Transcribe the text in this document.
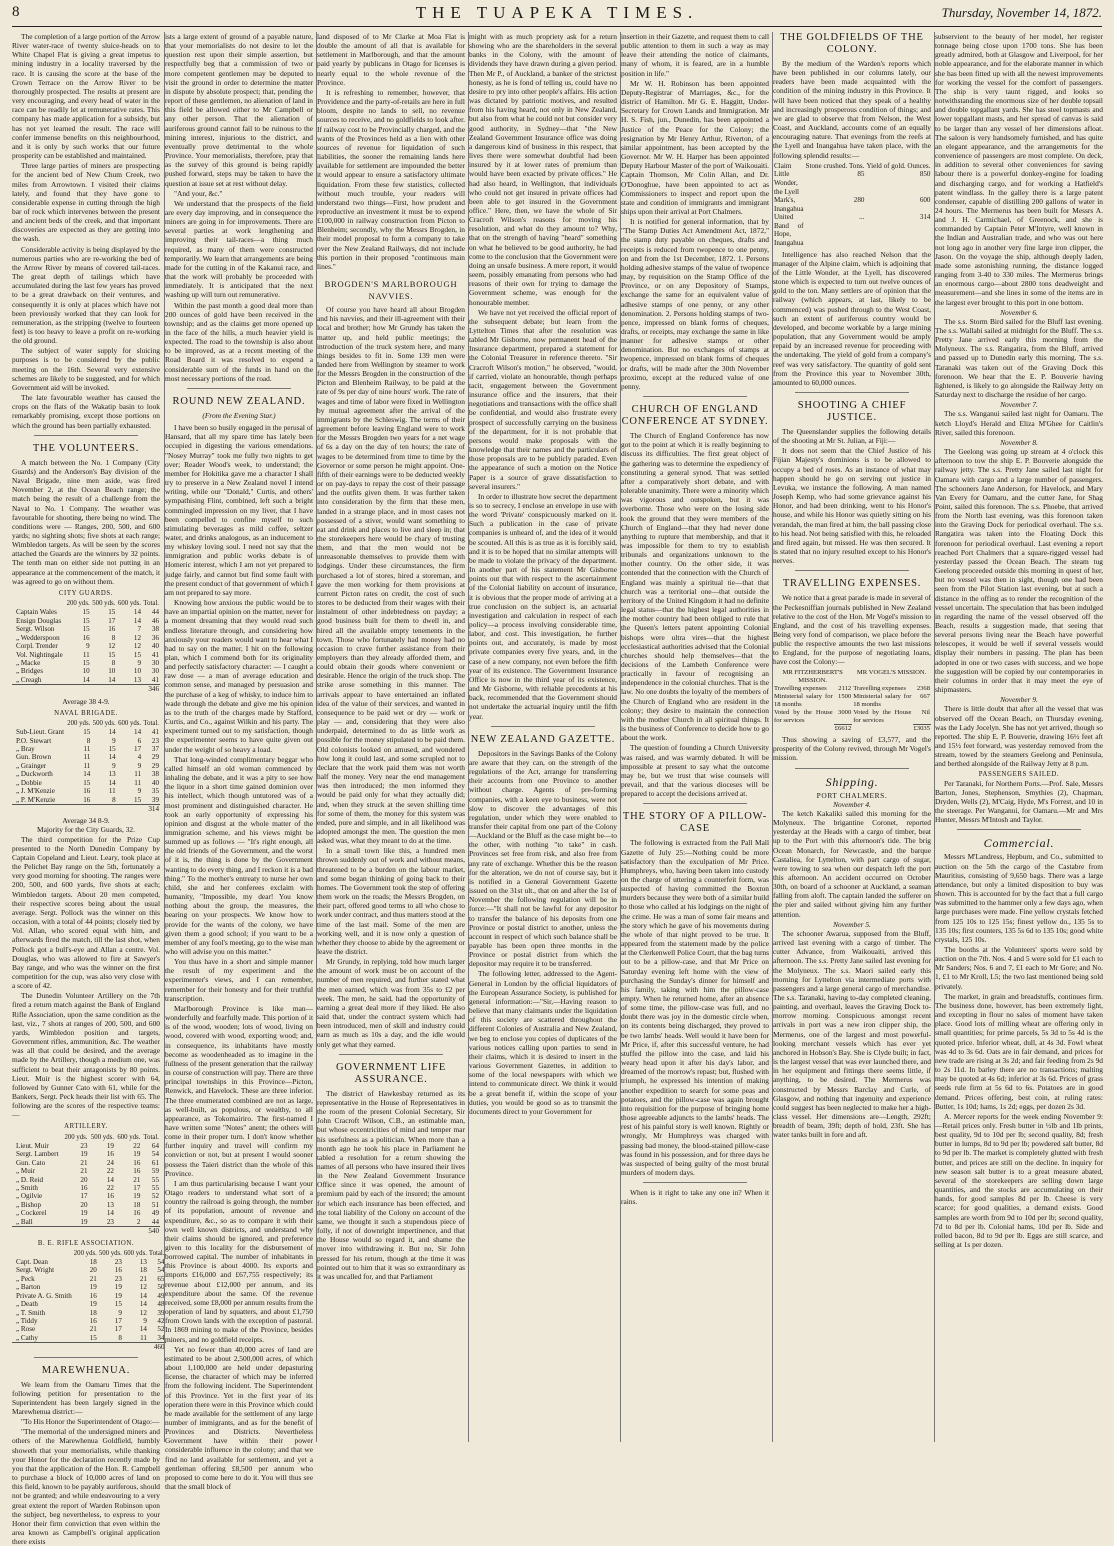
8	THE TUAPEKA TIMES.	Thursday, November 14, 1872.

The completion of a large portion of the Arrow River water-race of twenty sluice-heads on to White Chapel Flat is giving a great impetus to mining industry in a locality traversed by the race. It is causing the score at the base of the Crown Terrace on the Arrow River to be thoroughly prospected. The results at present are very encouraging, and every head of water in the race can be readily let at remunerative rates. This company has made application for a subsidy, but has not yet learned the result. The race will confer immense benefits on this neighbourhood, and it is only by such works that our future prosperity can be established and maintained.

Three large parties of miners are prospecting for the ancient bed of New Chum Creek, two miles from Arrowtown. I visited their claims lately, and found that they have gone to considerable expense in cutting through the high bar of rock which intervenes between the present and ancient beds of the creek, and that important discoveries are expected as they are getting into the wash.

Considerable activity is being displayed by the numerous parties who are re-working the bed of the Arrow River by means of covered tail-races. The great depth of tailings which have accumulated during the last few years has proved to be a great drawback on their ventures, and consequently it is only at places which have not been previously worked that they can look for remuneration, as the stripping (twelve to fourteen feet) is too heavy to leave a profit on re-working the old ground.

The subject of water supply for sluicing purposes is to be considered by the public meeting on the 16th. Several very extensive schemes are likely to be suggested, and for which Government aid will be invoked.

The late favourable weather has caused the crops on the flats of the Wakatip basin to look remarkably promising, except those portions on which the ground has been partially exhausted.

THE VOLUNTEERS.

A match between the No. 1 Company (City Guards) and the Anderson's Bay division of the Naval Brigade, nine men aside, was fired November 2, at the Ocean Beach range; the match being the result of a challenge from the Naval to No. 1 Company. The weather was favourable for shooting, there being no wind. The conditions were — Ranges, 200, 500, and 600 yards; no sighting shots; five shots at each range; Wimbledon targets. As will be seen by the scores attached the Guards are the winners by 32 points. The tenth man on either side not putting in an appearance at the commencement of the match, it was agreed to go on without them.

CITY GUARDS.
	200 yds.	500 yds.	600 yds.	Total.
Captain Wales	15	15	14	44
Ensign Douglas	15	17	14	46
Sergt. Wilson	15	16	7	38
„ Wedderspoon	16	8	12	36
Corpl. Trender	9	12	12	40
Vol. Nightingale	11	15	15	41
„ Macke	15	8	9	30
„ Bridges	10	10	10	30
„ Creagh	14	14	13	41
				346
Average 38 4-9.
NAVAL BRIGADE.
	200 yds.	500 yds.	600 yds.	Total.
Sub-Lieut. Grant	15	14	14	41
P.O. Stewart	8	9	6	23
„ Bray	11	15	17	37
Gun. Brown	11	14	4	29
„ Grainger	11	9	9	29
„ Duckworth	14	13	11	38
„ Dobbie	15	14	11	40
„ J. M'Kenzie	16	11	9	35
„ P. M'Kenzie	16	8	15	39
				314
Average 34 8-9.
Majority for the City Guards, 32.

The third competition for the Prize Cup presented to the North Dunedin Company by Captain Copeland and Lieut. Leary, took place at the Pelichet Bay range on the 5th, fortunately a very good morning for shooting. The ranges were 200, 500, and 600 yards, five shots at each; Wimbledon targets. About 20 men competed, their respective scores being about the usual average. Sergt. Pollock was the winner on this occasion, with a total of 44 points; closely tied by Vol. Allan, who scored equal with him, and afterwards fired the match, till the last shot, when Pollock got a bull's-eye and Allan a centre. Vol. Douglas, who was allowed to fire at Sawyer's Bay range, and who was the winner on the first competition for the cup, was also very close with a score of 42.

The Dunedin Volunteer Artillery on the 7th fired a return match against the Bank of England Rifle Association, upon the same condition as the last, viz., 7 shots at ranges of 200, 500, and 600 yards, Wimbledon position and targets, Government rifles, ammunition, &c. The weather was all that could be desired, and the average made by the Artillery, though a medium one, was sufficient to beat their antagonists by 80 points. Lieut. Muir is the highest scorer with 64, followed by Gunner Cato with 61, while for the Bankers, Sergt. Peck heads their list with 65. The following are the scores of the respective teams:—

ARTILLERY.
	200 yds.	500 yds.	600 yds.	Total.
Lieut. Muir	23	19	22	64
Sergt. Lambert	19	16	19	54
Gun. Cato	21	24	16	61
„ Muir	21	22	16	59
„ D. Reid	20	14	21	55
„ Smith	16	22	17	55
„ Ogilvie	17	16	19	52
„ Bishop	20	13	18	51
„ Cockerel	19	14	16	49
„ Ball	19	23	2	44
				540
B. E. RIFLE ASSOCIATION.
	200 yds.	500 yds.	600 yds.	Total.
Capt. Dean	18	23	13	54
Sergt. Wright	20	16	18	54
„ Peck	21	23	21	65
„ Barton	19	19	12	50
Private A. G. Smith	16	19	14	49
„ Death	19	15	14	48
„ T. Smith	18	9	12	39
„ Tiddy	16	17	9	42
„ Rose	21	17	14	52
„ Cathy	15	8	11	34
				460
MAREWHENUA.

We learn from the Oamaru Times that the following petition for presentation to the Superintendent has been largely signed in the Marewhenua district:—

"To His Honor the Superintendent of Otago:—

"The memorial of the undersigned miners and others of the Marewhenua Goldfield, humbly showeth that your memorialists, while thanking your Honor for the declaration recently made by you that the application of the Hon. R. Campbell to purchase a block of 10,000 acres of land on this field, known to be payably auriferous, should not be granted; and while endeavouring to a very great extent the report of Warden Robinson upon the subject, beg nevertheless, to express to your Honor their firm conviction that even within the area known as Campbell's original application there exists

ists a large extent of ground of a payable nature, that your memorialists do not desire to let the question rest upon their simple assertion, but respectfully beg that a commission of two or more competent gentlemen may be deputed to visit the ground in order to determine the matter in dispute by absolute prospect; that, pending the report of these gentlemen, no alienation of land in this field be allowed either to Mr Campbell or any other person. That the alienation of auriferous ground cannot fail to be ruinous to the mining interest, injurious to the district, and eventually prove detrimental to the whole Province. Your memorialists, therefore, pray that as the survey of this ground is being rapidly pushed forward, steps may be taken to have the question at issue set at rest without delay.

"And your, &c."

We understand that the prospects of the field are every day improving, and in consequence the miners are going in for improvements. There are several parties at work lengthening and improving their tail-races—a thing much required, as many of them were constructed temporarily. We learn that arrangements are being made for the cutting in of the Kakanui race, and that the work will probably be proceeded with immediately. It is anticipated that the next washing up will turn out remunerative.

Within the past month a good deal more than 200 ounces of gold have been received in the township; and as the claims get more opened up in the face of the hills, a much heavier yield is expected. The road to the township is also about to be improved, as at a recent meeting of the Road Board it was resolved to expend a considerable sum of the funds in hand on the most necessary portions of the road.

ROUND NEW ZEALAND.
(From the Evening Star.)

I have been so busily engaged in the perusal of Hansard, that all my spare time has lately been occupied in digesting the various emendations. "Nosey Murray" took me fully two nights to get over; Reader Wood's week, to understand; the member for Hokitika gave me a character I shall try to preserve in a New Zealand novel I intend writing, while our "Donald," Curtis, and others' sympathising Flint, combined, left such a bright commingled impression on my liver, that I have been compelled to confine myself to such stimulating beverages as mild coffee, seltzer water, and drinks analogous, as an inducement to my whiskey loving soul. I need not say that the immigration and public works debate is of Homeric interest, which I am not yet prepared to judge fairly, and cannot but find some fault with the present conduct of that government of which I am not prepared to say more.

Knowing how anxious the public would be to have an impartial opinion on the matter, never for a moment dreaming that they would read such endless literature through, and considering how anxiously your readers would want to hear what I had to say on the matter, I hit on the following plan, which I commend both for its originality and perfectly satisfactory character: — I caught a raw dose — a man of average education and common sense, and managed by persuasion and the purchase of a keg of whisky, to induce him to wade through the debate and give me his opinion as to the truth of the charges made by Stafford, Curtis, and Co., against Wilkin and his party. The experiment turned out to my satisfaction, though the experimenter seems to have quite given out under the weight of so heavy a load.

That long-winded complimentary beggar who called himself an old woman commenced by inhaling the debate, and it was a pity to see how the liquor in a short time gained dominion over his intellect, which though untutored was of a most prominent and distinguished character. He took an early opportunity of expressing his opinion and disgust at the whole matter of the immigration scheme, and his views might be summed up as follows — "It's right enough, all the old friends of the Government, and the worst of it is, the thing is done by the Government wanting to do every thing, and I reckon it is a bad thing." To the mother's entreaty to nurse her own child, she and her conferees exclaim with humanity, "Impossible, my dear! You know nothing about the group, the measures, the bearing on your prospects. We know how to provide for the wants of the colony, we have given them a good school; if you want to be a member of any fool's meeting, go to the wise man who will advise you on this matter."

You thus have in a short and simple manner the result of my experiment and the experimenter's views, and I can remember, remember for their honesty and for their truthful transcription.

Marlborough Province is like man—wonderfully and fearfully made. This portion of it is of the wood, wooden; lots of wood, living on wood, covered with wood, exporting wood; and, in consequence, its inhabitants have mostly become as woodenheaded as to imagine in the fullness of the present generation that the railway in course of construction will pay. There are three principal townships in this Province—Picton, Renwick, and Havelock. These are three inferior. The three enumerated combined are not as large, as well-built, as populous, or wealthy, to all appearance, as Tokomairiro. The first-named I have written some "Notes" anent; the others will come in their proper turn. I don't know whether further inquiry and travel will confirm my conviction or not, but at present I would sooner possess the Taieri district than the whole of this Province.

I am thus particularising because I want your Otago readers to understand what sort of a country the railroad is going through, the number of its population, amount of revenue and expenditure, &c., so as to compare it with their own well known districts, and understand why their claims should be ignored, and preference given to this locality for the disbursement of borrowed capital. The number of inhabitants in this Province is about 4000. Its exports and imports £16,000 and £67,755 respectively; its revenue about £12,000 per annum, and its expenditure about the same. Of the revenue received, some £8,000 per annum results from the operation of land by squatters, and about £1,750 from Crown lands with the exception of pastoral. In 1869 mining to make of the Province, besides miners, and no goldfield receipts.

Yet no fewer than 40,000 acres of land are estimated to be about 2,500,000 acres, of which about 1,100,000 are held under depasturing license, the character of which may be inferred from the following incident. The Superintendent of this Province. Yet in the first year of its operation there were in this Province which could be made available for the settlement of any large number of immigrants, and as for the benefit of Provinces and Districts. Nevertheless Government have within their power considerable influence in the colony; and that we find no land available for settlement, and yet a gentleman offering £8,500 per annum who proposed to come here to do it. You will thus see that the small block of

land disposed of to Mr Clarke at Moa Flat is double the amount of all that is available for settlement in Marlborough, and that the amount paid yearly by publicans in Otago for licenses is nearly equal to the whole revenue of the Province.

It is refreshing to remember, however, that Providence and the party-of-retails are here in full bloom, despite no lands to sell, no revenue sources to receive, and no goldfields to look after. If railway cost to be Provincially charged, and the wants of the Provinces held as a lien with other sources of revenue for liquidation of such liabilities, the sooner the remaining lands here available for settlement are impounded the better it would appear to ensure a satisfactory ultimate liquidation. From these few statistics, collected without much trouble, your readers will understand two things—First, how prudent and reproductive an investment it must be to expend £100,000 in railway construction from Picton to Blenheim; secondly, why the Messrs Brogden, in their model proposal to form a company to take over the New Zealand Railways, did not include this portion in their proposed "continuous main lines."

BROGDEN'S MARLBOROUGH NAVVIES.

Of course you have heard all about Brogden and his navvies, and their ill-agreement with their local and brother; how Mr Grundy has taken the matter up, and held public meetings; the introduction of the truck system here, and many things besides to fit in. Some 139 men were landed here from Wellington by steamer to work for the Messrs Brogden in the construction of the Picton and Blenheim Railway, to be paid at the rate of 9s per day of nine hours' work. The rate of wages and time of labor were fixed in Wellington by mutual agreement after the arrival of the immigrants by the Schleswig. The terms of their agreement before leaving England were to work for the Messrs Brogden two years for a net wage of 6s a day on the day of ten hours; the rate of wages to be determined from time to time by the Governor or some person he might appoint. One-fifth of their earnings were to be deducted weekly or on pay-days to repay the cost of their passage and the outfits given them. It was further taken into consideration by the firm that these men, landed in a strange place, and in most cases not possessed of a stiver, would want something to eat and drink and places to live and sleep in; that the storekeepers here would be chary of trusting them, and that the men would not be unreasonable themselves to provide them with lodgings. Under these circumstances, the firm purchased a lot of stores, hired a storeman, and gave the men working for them provisions at current Picton rates on credit, the cost of such stores to be deducted from their wages with their instalment of other indebtedness on payday; a good business built for them to dwell in, and hired all the available empty tenements in the town. Those who fortunately had money had no occasion to crave further assistance from their employers than they already afforded them, and could obtain their goods where convenient or desirable. Hence the origin of the truck shop. The strike arose something in this manner. The arrivals appear to have entertained an inflated idea of the value of their services, and wanted in consequence to be paid wet or dry — work or play — and, considering that they were also underpaid, determined to do as little work as possible for the money stipulated to be paid them. Old colonists looked on amused, and wondered how long it could last, and some scrupled not to declare that the work paid them was not worth half the money. Very near the end management was then introduced; the men informed they would be paid only for what they actually did; and, when they struck at the seven shilling time for some of them, the money for this system was ended, pure and simple, and in all likelihood was adopted amongst the men. The question the men asked was, what they meant to do at the time.

In a small town like this, a hundred men thrown suddenly out of work and without means, threatened to be a burden on the labour market, and some began thinking of going back to their homes. The Government took the step of offering them work on the roads; the Messrs Brogden, on their part, offered good terms to all who chose to work under contract, and thus matters stood at the time of the last mail. Some of the men are working well, and it is now only a question of whether they choose to abide by the agreement or leave the district.

Mr Grundy, in replying, told how much larger the amount of work must be on account of the number of men required, and further stated what the men earned, which was from 35s to £2 per week. The men, he said, had the opportunity of earning a great deal more if they liked. He also said that, under the contract system which had been introduced, men of skill and industry could earn as much as 10s a day, and the idle would only get what they earned.

GOVERNMENT LIFE ASSURANCE.

The district of Hawkesbay returned as its representative in the House of Representatives in the room of the present Colonial Secretary, Sir John Cracroft Wilson, C.B., an estimable man, but whose eccentricities of mind and temper mar his usefulness as a politician. When more than a month ago he took his place in Parliament he tabled a resolution for a return showing the names of all persons who have insured their lives in the New Zealand Government Insurance Office since it was opened, the amount of premium paid by each of the insured; the amount for which each insurance has been effected, and the total liability of the Colony on account of the same, we thought it such a stupendous piece of folly, if not of downright impertinence, and that the House would so regard it, and shame the mover into withdrawing it. But no, Sir John pressed for his return, though at the time it was pointed out to him that it was so extraordinary as it was uncalled for, and that Parliament

might with as much propriety ask for a return showing who are the shareholders in the several banks in the Colony, with the amount of dividends they have drawn during a given period. Then Mr P., of Auckland, a banker of the strictest honesty, as he is fond of telling us, could have no desire to pry into other people's affairs. His action was dictated by patriotic motives, and resulted from his having heard, not only in New Zealand, but also from what he could not but consider very good authority, in Sydney—that "the New Zealand Government Insurance office was doing a dangerous kind of business in this respect, that lives there were somewhat doubtful had been insured by it at lower rates of premium than would have been exacted by private offices." He had also heard, in Wellington, that individuals who could not get insured in private offices had been able to get insured in the Government office." Here, then, we have the whole of Sir Cracroft Wilson's reasons for moving his resolution, and what do they amount to? Why, that on the strength of having "heard" something on what he believed to be good authority, he had come to the conclusion that the Government were doing an unsafe business. A mere report, it would seem, possibly emanating from persons who had reasons of their own for trying to damage the Government scheme, was enough for the honourable member.

We have not yet received the official report of the subsequent debate; but learn from the Lyttelton Times that after the resolution was tabled Mr Gisborne, now permanent head of the Insurance department, prepared a statement for the Colonial Treasurer in reference thereto. "Sir Cracroft Wilson's motion," he observed, "would, if carried, violate an honourable, though perhaps tacit, engagement between the Government insurance office and the insurers, that their negotiations and transactions with the office shall be confidential, and would also frustrate every prospect of successfully carrying on the business of the department, for it is not probable that persons would make proposals with the knowledge that their names and the particulars of those proposals are to be publicly paraded. Even the appearance of such a motion on the Notice Paper is a source of grave dissatisfaction to several insurers."

In order to illustrate how secret the department is so to secrecy, I enclose an envelope in use with the word 'Private' conspicuously marked on it. Such a publication in the case of private companies is unheard of, and the idea of it would be scouted. All this is as true as it is forcibly said, and it is to be hoped that no similar attempts will be made to violate the privacy of the department. In another part of his statement Mr Gisborne points out that with respect to the ascertainment of the Colonial liability on account of insurance, it is obvious that the proper mode of arriving at a true conclusion on the subject is, an actuarial investigation and calculation in respect of each policy—a process involving considerable time, labor, and cost. This investigation, he further points out, and accurately, is made by most private companies every five years, and, in the case of a new company, not even before the fifth year of its existence. The Government Insurance Office is now in the third year of its existence, and Mr Gisborne, with reliable precedents at his back, recommended that the Government should not undertake the actuarial inquiry until the fifth year.

NEW ZEALAND GAZETTE.

Depositors in the Savings Banks of the Colony are aware that they can, on the strength of the regulations of the Act, arrange for transferring their accounts from one Province to another without charge. Agents of pre-forming companies, with a keen eye to business, were not slow to discover the advantages of this regulation, under which they were enabled to transfer their capital from one part of the Colony—Auckland or the Bluff as the case might be—to the other, with nothing "to take" in cash. Provinces set free from risk, and also free from any rate of exchange. Whether this be the reason for the alteration, we do not of course say, but it is notified in a General Government Gazette issued on the 31st ult., that on and after the 1st of November the following regulation will be in force:—"It shall not be lawful for any depositor to transfer the balance of his deposits from one Province or postal district to another, unless the account in respect of which such balance shall be payable has been open three months in the Province or postal district from which the depositor may require it to be transferred.

The following letter, addressed to the Agent-General in London by the official liquidators of the European Assurance Society, is published for general information:—"Sir,—Having reason to believe that many claimants under the liquidation of this society are scattered throughout the different Colonies of Australia and New Zealand, we beg to enclose you copies of duplicates of the various notices calling upon parties to send in their claims, which it is desired to insert in the various Government Gazettes, in addition to some of the local newspapers with which we intend to communicate direct. We think it would be a great benefit if, within the scope of your duties, you would be good so as to transmit the documents direct to your Government for

insertion in their Gazette, and request them to call public attention to them in such a way as may leave their attending the notice of claimants, many of whom, it is feared, are in a humble position in life."

Mr W. H. Robinson has been appointed Deputy-Registrar of Marriages, &c., for the district of Hamilton. Mr G. E. Haggitt, Under-Secretary for Crown Lands and Immigration. Mr H. S. Fish, jun., Dunedin, has been appointed a Justice of the Peace for the Colony; the resignation by Mr Henry Arthur, Riverton, of a similar appointment, has been accepted by the Governor. Mr W. H. Harper has been appointed Deputy Harbour Master of the port of Waikouaiti. Captain Thomson, Mr Colin Allan, and Dr. O'Donoghue, have been appointed to act as Commissioners to inspect and report upon the state and condition of immigrants and immigrant ships upon their arrival at Port Chalmers.

It is notified for general information, that by "The Stamp Duties Act Amendment Act, 1872," the stamp duty payable on cheques, drafts and receipts is reduced from twopence to one penny, on and from the 1st December, 1872. 1. Persons holding adhesive stamps of the value of twopence may, by requisition on the Stamp Office of the Province, or on any Depository of Stamps, exchange the same for an equivalent value of adhesive stamps of one penny, or any other denomination. 2. Persons holding stamps of two-pence, impressed on blank forms of cheques, drafts, or receipts, may exchange the same in like manner for adhesive stamps or other denomination. But no exchanges of stamps at twopence, impressed on blank forms of cheques or drafts, will be made after the 30th November proximo, except at the reduced value of one penny.

CHURCH OF ENGLAND CONFERENCE AT SYDNEY.

The Church of England Conference has now got to the point at which it is really beginning to discuss its difficulties. The first great object of the gathering was to determine the expediency of constituting a general synod. That was settled after a comparatively short debate, and with tolerable unanimity. There were a minority which was vigorous and outspoken, but it was overborne. Those who were on the losing side took the ground that they were members of the Church of England—that they had never done anything to rupture that membership, and that it was impossible for them to try to establish tribunals and organizations unknown to the mother country. On the other side, it was contended that the connection with the Church of England was mainly a spiritual tie—that that church was a territorial one—that outside the territory of the United Kingdom it had no definite legal status—that the highest legal authorities in the mother country had been obliged to rule that the Queen's letters patent appointing Colonial bishops were ultra vires—that the highest ecclesiastical authorities advised that the Colonial churches should help themselves—that the decisions of the Lambeth Conference were practically in favour of recognising an independence in the colonial churches. That is the law. No one doubts the loyalty of the members of the Church of England who are resident in the colony; they desire to maintain the connection with the mother Church in all spiritual things. It is the business of Conference to decide how to go about the work.

The question of founding a Church University was raised, and was warmly debated. It will be impossible at present to say what the outcome may be, but we trust that wise counsels will prevail, and that the various dioceses will be prepared to accept the decisions arrived at.

THE STORY OF A PILLOW-CASE

The following is extracted from the Pall Mall Gazette of July 25:—Nothing could be more satisfactory than the exculpation of Mr Price. Humphreys, who, having been taken into custody on the charge of uttering a counterfeit form, was suspected of having committed the Boxton murders because they were both of a similar build to those who called at his lodgings on the night of the crime. He was a man of some fair means and the story which he gave of his movements during the whole of that night proved to be true. It appeared from the statement made by the police at the Clerkenwell Police Court, that the bag turns out to be a pillow-case, and that Mr Price on Saturday evening left home with the view of purchasing the Sunday's dinner for himself and his family, taking with him the pillow-case empty. When he returned home, after an absence of some time, the pillow-case was full, and no doubt there was joy in the domestic circle when, on its contents being discharged, they proved to be two lambs' heads. Well would it have been for Mr Price, if, after this successful venture, he had stuffed the pillow into the case, and laid his weary head upon it after his day's labor, and dreamed of the morrow's repast; but, flushed with triumph, he expressed his intention of making another expedition to search for some peas and potatoes, and the pillow-case was again brought into requisition for the purpose of bringing home those agreeable adjuncts to the lambs' heads. The rest of his painful story is well known. Rightly or wrongly, Mr Humphreys was charged with passing bad money, the blood-stained pillow-case was found in his possession, and for three days he was suspected of being guilty of the most brutal murders of modern days.

When is it right to take any one in? When it rains.

THE GOLDFIELDS OF THE COLONY.

By the medium of the Warden's reports which have been published in our columns lately, our readers have been made acquainted with the condition of the mining industry in this Province. It will have been noticed that they speak of a healthy and increasingly prosperous condition of things; and we are glad to observe that from Nelson, the West Coast, and Auckland, accounts come of an equally encouraging nature. That evenings from the reefs at the Lyell and Inangahua have taken place, with the following splendid results:—

Claim	Stone crushed. Tons.	Yield of gold. Ounces.
Little Wonder, the Lyell	85	850
Mark's, Inangahua	280	600
United Band of Hope, Inangahua	...	314

Intelligence has also reached Nelson that the manager of the Alpine claim, which is adjoining that of the Little Wonder, at the Lyell, has discovered stone which is expected to turn out twelve ounces of gold to the ton. Many settlers are of opinion that the railway (which appears, at last, likely to be commenced) was pushed through to the West Coast, such an extent of auriferous country would be developed, and become workable by a large mining population, that any Government would be amply repaid by an increased revenue for proceeding with the undertaking. The yield of gold from a company's reef was very satisfactory. The quantity of gold sent from the Province this year to November 30th, amounted to 60,000 ounces.

SHOOTING A CHIEF JUSTICE.

The Queenslander supplies the following details of the shooting at Mr St. Julian, at Fiji:—

It does not seem that the Chief Justice of his Fijian Majesty's dominions is to be allowed to occupy a bed of roses. As an instance of what may happen should he go on serving out justice in Levuka, we instance the following. A man named Joseph Kemp, who had some grievance against his Honor, and had been drinking, went to his Honor's house, and while his Honor was quietly sitting on his verandah, the man fired at him, the ball passing close to his head. Not being satisfied with this, he reloaded and fired again, but missed. He was then secured. It is stated that no injury resulted except to his Honor's nerves.

TRAVELLING EXPENSES.

We notice that a great parade is made in several of the Peckesniffian journals published in New Zealand relative to the cost of the Hon. Mr Vogel's mission to England, and the cost of his travelling expenses. Being very fond of comparison, we place before the public the respective amounts the two last missions to England, for the purpose of negotiating loans, have cost the Colony:—

MR FITZHERBERT'S MISSION.		MR VOGEL'S MISSION.	
Travelling expenses	2112	Travelling expenses	2368
Ministerial salary for 18 months	1500	Ministerial salary for 18 months	667
Voted by the House for services	3000	Voted by the House for services	Nil
	£6612		£3035

Thus showing a saving of £3,577, and the prosperity of the Colony revived, through Mr Vogel's mission.

Shipping.
PORT CHALMERS.
November 4.

The ketch Kakaliki sailed this morning for the Molyneux. The brigantine Coronet, reported yesterday at the Heads with a cargo of timber, beat up to the Port with this afternoon's tide. The brig Ocean Monarch, for Newcastle, and the barque Castaliea, for Lyttelton, with part cargo of sugar, were towing to sea when our despatch left the port this afternoon. An accident occurred on October 30th, on board of a schooner at Auckland, a seaman falling from aloft. The captain landed the sufferer on the pier and sailed without giving him any further attention.

November 5.

The schooner Awarua, supposed from the Bluff, arrived last evening with a cargo of timber. The cutter Advance, from Waikouaiti, arrived this afternoon. The s.s. Pretty Jane sailed last evening for the Molyneux. The s.s. Maori sailed early this morning for Lyttelton via intermediate ports with passengers and a large general cargo of merchandise. The s.s. Taranaki, having to-day completed cleaning, painting, and overhaul, leaves the Graving Dock to-morrow morning. Conspicuous amongst recent arrivals in port was a new iron clipper ship, the Mermerus, one of the largest and most powerful-looking merchant vessels which has ever yet anchored in Hobson's Bay. She is Clyde built; in fact, is the largest vessel that was ever launched there, and in her equipment and fittings there seems little, if anything, to be desired. The Mermerus was constructed by Messrs Barclay and Curle, of Glasgow, and nothing that ingenuity and experience could suggest has been neglected to make her a high-class vessel. Her dimensions are—Length, 292ft; breadth of beam, 39ft; depth of hold, 23ft. She has water tanks built in fore and aft.

subservient to the beauty of her model, her register tonnage being close upon 1700 tons. She has been greatly admired, both at Glasgow and Liverpool, for her noble appearance, and for the elaborate manner in which she has been fitted up with all the newest improvements for working the vessel for the comfort of passengers. The ship is very taunt rigged, and looks so notwithstanding the enormous size of her double topsail and double topgallant yards. She has steel topmasts and lower topgallant masts, and her spread of canvas is said to be larger than any vessel of her dimensions afloat. The saloon is very handsomely furnished, and has quite an elegant appearance, and the arrangements for the convenience of passengers are most complete. On deck, in addition to several other conveniences for saving labour there is a powerful donkey-engine for loading and discharging cargo, and for working a Hatfield's patent windlass. In the galley there is a large patent condenser, capable of distilling 200 gallons of water in 24 hours. The Mermerus has been built for Messrs A. and J. H. Carmichael, of Greenock, and she is commanded by Captain Peter M'Intyre, well known in the Indian and Australian trade, and who was out here not long ago in another very fine large iron clipper, the Jason. On the voyage the ship, although deeply laden, made some astonishing running, the distance logged ranging from 3-40 to 330 miles. The Mermerus brings an enormous cargo—about 2800 tons deadweight and measurement—and she lines in some of the items are in the largest ever brought to this port in one bottom.

November 6.

The s.s. Storm Bird sailed for the Bluff last evening. The s.s. Wallabi sailed at midnight for the Bluff. The s.s. Pretty Jane arrived early this morning from the Molyneux. The s.s. Rangatira, from the Bluff, arrived and passed up to Dunedin early this morning. The s.s. Taranaki was taken out of the Graving Dock this forenoon. We hear that the E. P. Bouverie having lightened, is likely to go alongside the Railway Jetty on Saturday next to discharge the residue of her cargo.

November 7.

The s.s. Wanganui sailed last night for Oamaru. The ketch Lloyd's Herald and Eliza M'Ghee for Caitlin's River, sailed this forenoon.

November 8.

The Geelong was going up stream at 4 o'clock this afternoon to tow the ship E. P. Bouverie alongside the railway jetty. The s.s. Pretty Jane sailed last night for Oamaru with cargo and a large number of passengers. The schooners Jane Anderson, for Havelock, and Mary Van Every for Oamaru, and the cutter Jane, for Shag Point, sailed this forenoon. The s.s. Phoebe, that arrived from the North last evening, was this forenoon taken into the Graving Dock for periodical overhaul. The s.s. Rangatira was taken into the Floating Dock this forenoon for periodical overhaul. Last evening a report reached Port Chalmers that a square-rigged vessel had yesterday passed the Ocean Beach. The steam tug Geelong proceeded outside this morning in quest of her, but no vessel was then in sight, though one had been seen from the Pilot Station last evening, but at such a distance in the offing as to render the recognition of the vessel uncertain. The speculation that has been indulged in regarding the name of the vessel observed off the Beach, results a suggestion made, that seeing that several persons living near the Beach have powerful telescopes, it would be well if several vessels would display their numbers in passing. The plan has been adopted in one or two cases with success, and we hope the suggestion will be copied by our contemporaries in their columns in order that it may meet the eye of shipmasters.

November 9.

There is little doubt that after all the vessel that was observed off the Ocean Beach, on Thursday evening, was the Lady Jocelyn. She has not yet arrived, though so reported. The ship E. P. Bouverie, drawing 16½ feet aft and 15½ feet forward, was yesterday removed from the stream, towed by the steamers Geelong and Peninsula, and berthed alongside of the Railway Jetty at 8 p.m.

PASSENGERS SAILED.

Per Taranaki, for Northern Ports.—Prof. Sale, Messrs Barton, Jones, Stephenson, Smythies (2), Chapman, Dryden, Wells (2), M'Caig, Hyde, M's Forrest, and 10 in the steerage. Per Wanganui, for Oamaru.—Mr and Mrs Hunter, Messrs M'Intosh and Taylor.

Commercial.

Messrs M'Landress, Hepburn, and Co., submitted to auction on the 5th the cargo of the Castabre from Mauritius, consisting of 9,650 bags. There was a large attendance, but only a limited disposition to buy was shown. This is accounted for by the fact that a full cargo was submitted to the hammer only a few days ago, when large purchases were made. Fine yellow crystals fetched from 125 10s to 125 15s; finest yellow do., 135 5s to 135 10s; first counters, 135 5s 6d to 135 10s; good white crystals, 125 10s.

The booths at the Volunteers' sports were sold by auction on the 7th. Nos. 4 and 5 were sold for £1 each to Mr Sanders; Nos. 6 and 7, £1 each to Mr Gore; and No. 1, £1 to Mr Kroll, L5; the two last mentioned being sold privately.

The market, in grain and breadstuffs, continues firm. The business done, however, has been extremely light, and excepting in flour no sales of moment have taken place. Good lots of milling wheat are offering only in small quantities; for prime parcels, 5s 3d to 5s 4d is the quoted price. Inferior wheat, dull, at 4s 3d. Fowl wheat was 4d to 3s 6d. Oats are in fair demand, and prices for new trade are rising at 3s 2d; and fair feeding from 2s 9d to 2s 11d. In barley there are no transactions; malting may be quoted at 4s 6d; inferior at 3s 6d. Prices of grass seeds rule firm at 5s 6d to 6s. Potatoes are in good demand. Prices offering, best coin, at ruling rates: Butter, 1s 10d; hams, 1s 2d; eggs, per dozen 2s 3d.

A. Mercer reports for the week ending November 9:—Retail prices only. Fresh butter in ½lb and 1lb prints, best quality, 9d to 10d per lb; second quality, 8d; fresh butter in lumps, 8d to 9d per lb; powdered salt butter, 8d to 9d per lb. The market is completely glutted with fresh butter, and prices are still on the decline. In inquiry for new season salt butter is to a great measure abated, several of the storekeepers are selling down large quantities, and the stocks are accumulating on their hands, for good samples 8d per lb. Cheese is very scarce; for good qualities, a demand exists. Good samples are worth from 9d to 10d per lb; second quality, 7d to 8d per lb. Colonial hams, 10d per lb. Side and rolled bacon, 8d to 9d per lb. Eggs are still scarce, and selling at 1s per dozen.
